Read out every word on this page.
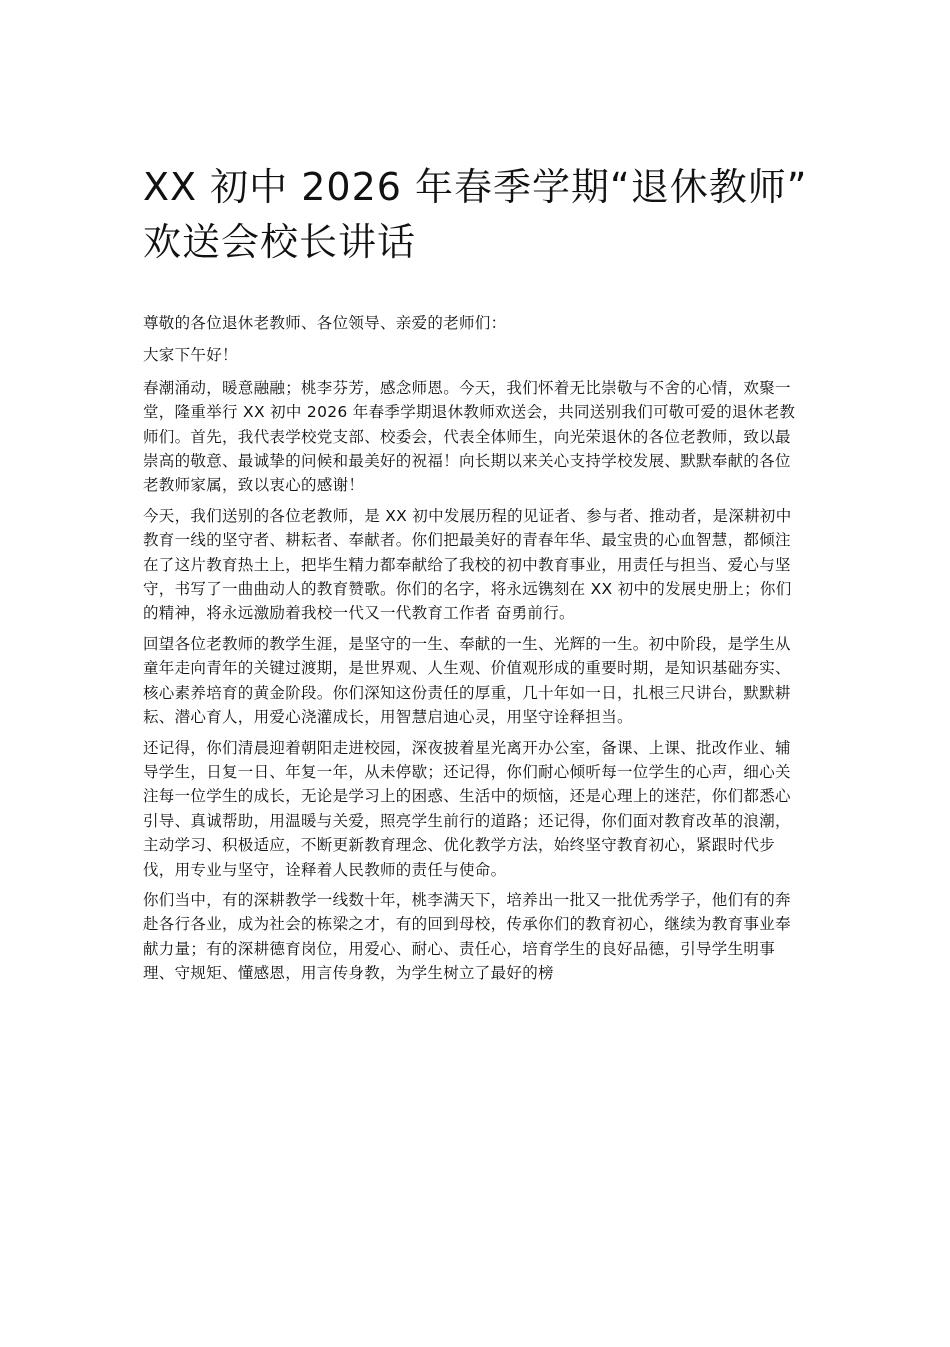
XX 初中 2026 年春季学期“退休教师” 欢送会校长讲话

尊敬的各位退休老教师、各位领导、亲爱的老师们：

大家下午好！

春潮涌动，暖意融融；桃李芬芳，感念师恩。今天，我们怀着无比崇敬与不舍的心情，欢聚一堂，隆重举行 XX 初中 2026 年春季学期退休教师欢送会，共同送别我们可敬可爱的退休老教师们。首先，我代表学校党支部、校委会，代表全体师生，向光荣退休的各位老教师，致以最崇高的敬意、最诚挚的问候和最美好的祝福！向长期以来关心支持学校发展、默默奉献的各位老教师家属，致以衷心的感谢！

今天，我们送别的各位老教师，是 XX 初中发展历程的见证者、参与者、推动者，是深耕初中教育一线的坚守者、耕耘者、奉献者。你们把最美好的青春年华、最宝贵的心血智慧，都倾注在了这片教育热土上，把毕生精力都奉献给了我校的初中教育事业，用责任与担当、爱心与坚守，书写了一曲曲动人的教育赞歌。你们的名字，将永远镌刻在 XX 初中的发展史册上；你们的精神，将永远激励着我校一代又一代教育工作者 奋勇前行。

回望各位老教师的教学生涯，是坚守的一生、奉献的一生、光辉的一生。初中阶段，是学生从童年走向青年的关键过渡期，是世界观、人生观、价值观形成的重要时期，是知识基础夯实、核心素养培育的黄金阶段。你们深知这份责任的厚重，几十年如一日，扎根三尺讲台，默默耕耘、潜心育人，用爱心浇灌成长，用智慧启迪心灵，用坚守诠释担当。

还记得，你们清晨迎着朝阳走进校园，深夜披着星光离开办公室，备课、上课、批改作业、辅导学生，日复一日、年复一年，从未停歇；还记得，你们耐心倾听每一位学生的心声，细心关注每一位学生的成长，无论是学习上的困惑、生活中的烦恼，还是心理上的迷茫，你们都悉心引导、真诚帮助，用温暖与关爱，照亮学生前行的道路；还记得，你们面对教育改革的浪潮，主动学习、积极适应，不断更新教育理念、优化教学方法，始终坚守教育初心，紧跟时代步伐，用专业与坚守，诠释着人民教师的责任与使命。

你们当中，有的深耕教学一线数十年，桃李满天下，培养出一批又一批优秀学子，他们有的奔赴各行各业，成为社会的栋梁之才，有的回到母校，传承你们的教育初心，继续为教育事业奉献力量；有的深耕德育岗位，用爱心、耐心、责任心，培育学生的良好品德，引导学生明事理、守规矩、懂感恩，用言传身教，为学生树立了最好的榜
